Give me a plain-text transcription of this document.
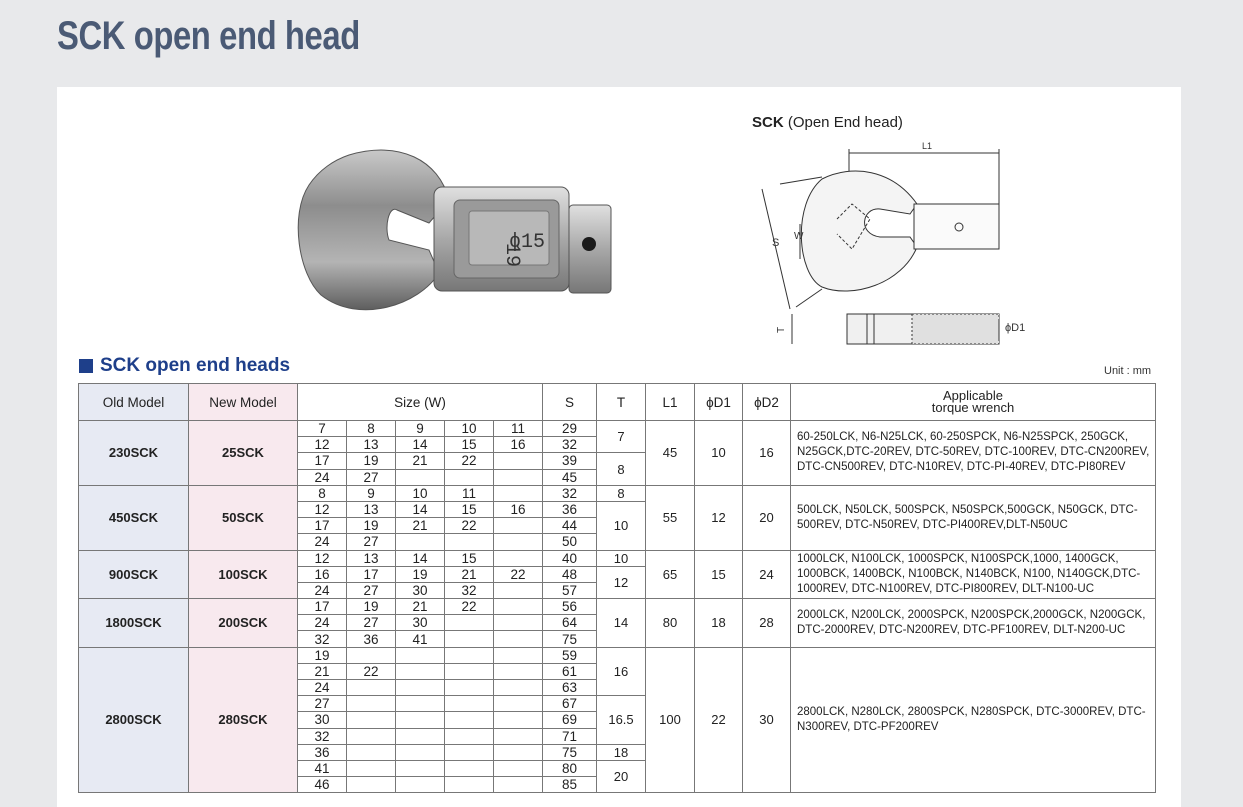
SCK open end head
19
ϕ15
SCK (Open End head)
L1
S
W
T	ϕD1
SCK open end heads	Unit : mm
Old Model	New Model	Size (W)					S	T	L1	ϕD1	ϕD2	Applicable
torque wrench

230SCK	25SCK	7	8	9	10	11	29	7	45	10	16	60-250LCK, N6-N25LCK, 60-250SPCK, N6-N25SPCK, 250GCK, N25GCK,DTC-20REV, DTC-50REV, DTC-100REV, DTC-CN200REV, DTC-CN500REV, DTC-N10REV, DTC-PI-40REV, DTC-PI80REV
		12	13	14	15	16	32					
		17	19	21	22		39	8				
		24	27				45					
450SCK	50SCK	8	9	10	11		32	8	55	12	20	500LCK, N50LCK, 500SPCK, N50SPCK,500GCK, N50GCK, DTC-500REV, DTC-N50REV, DTC-PI400REV,DLT-N50UC
		12	13	14	15	16	36	10				
		17	19	21	22		44					
		24	27				50					
900SCK	100SCK	12	13	14	15		40	10	65	15	24	1000LCK, N100LCK, 1000SPCK, N100SPCK,1000, 1400GCK, 1000BCK, 1400BCK, N100BCK, N140BCK, N100, N140GCK,DTC-1000REV, DTC-N100REV, DTC-PI800REV, DLT-N100-UC
		16	17	19	21	22	48	12				
		24	27	30	32		57					
1800SCK	200SCK	17	19	21	22		56	14	80	18	28	2000LCK, N200LCK, 2000SPCK, N200SPCK,2000GCK, N200GCK, DTC-2000REV, DTC-N200REV, DTC-PF100REV, DLT-N200-UC
		24	27	30			64					
		32	36	41			75					
2800SCK	280SCK	19					59	16	100	22	30	2800LCK, N280LCK, 2800SPCK, N280SPCK, DTC-3000REV, DTC-N300REV, DTC-PF200REV
		21	22				61					
		24					63					
		27					67	16.5				
		30					69					
		32					71					
		36					75	18				
		41					80	20				
		46					85					
